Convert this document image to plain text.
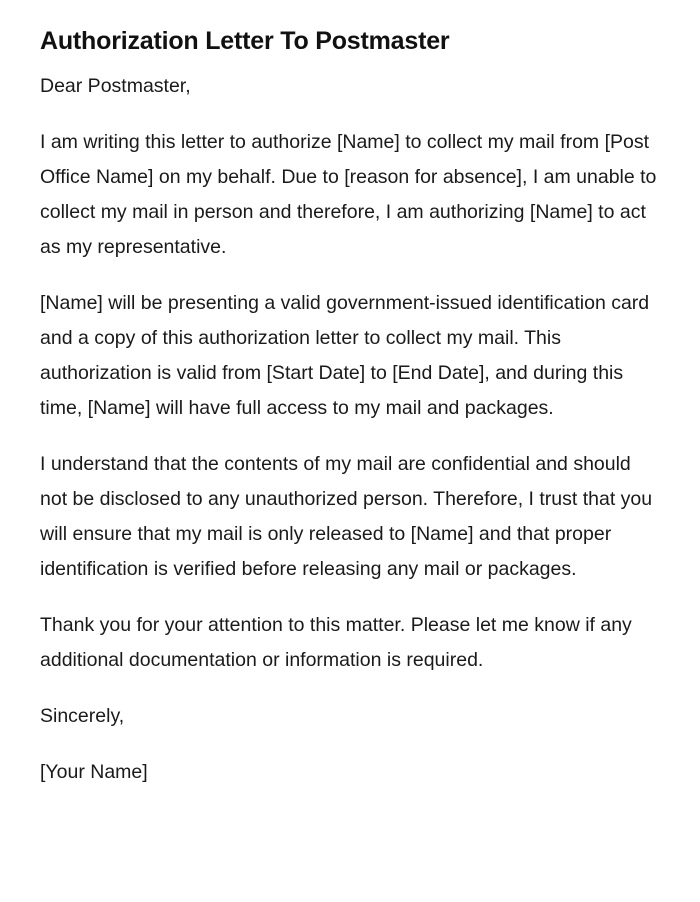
Authorization Letter To Postmaster

Dear Postmaster,

I am writing this letter to authorize [Name] to collect my mail from [Post Office Name] on my behalf. Due to [reason for absence], I am unable to collect my mail in person and therefore, I am authorizing [Name] to act as my representative.

[Name] will be presenting a valid government-issued identification card and a copy of this authorization letter to collect my mail. This authorization is valid from [Start Date] to [End Date], and during this time, [Name] will have full access to my mail and packages.

I understand that the contents of my mail are confidential and should not be disclosed to any unauthorized person. Therefore, I trust that you will ensure that my mail is only released to [Name] and that proper identification is verified before releasing any mail or packages.

Thank you for your attention to this matter. Please let me know if any additional documentation or information is required.

Sincerely,

[Your Name]
